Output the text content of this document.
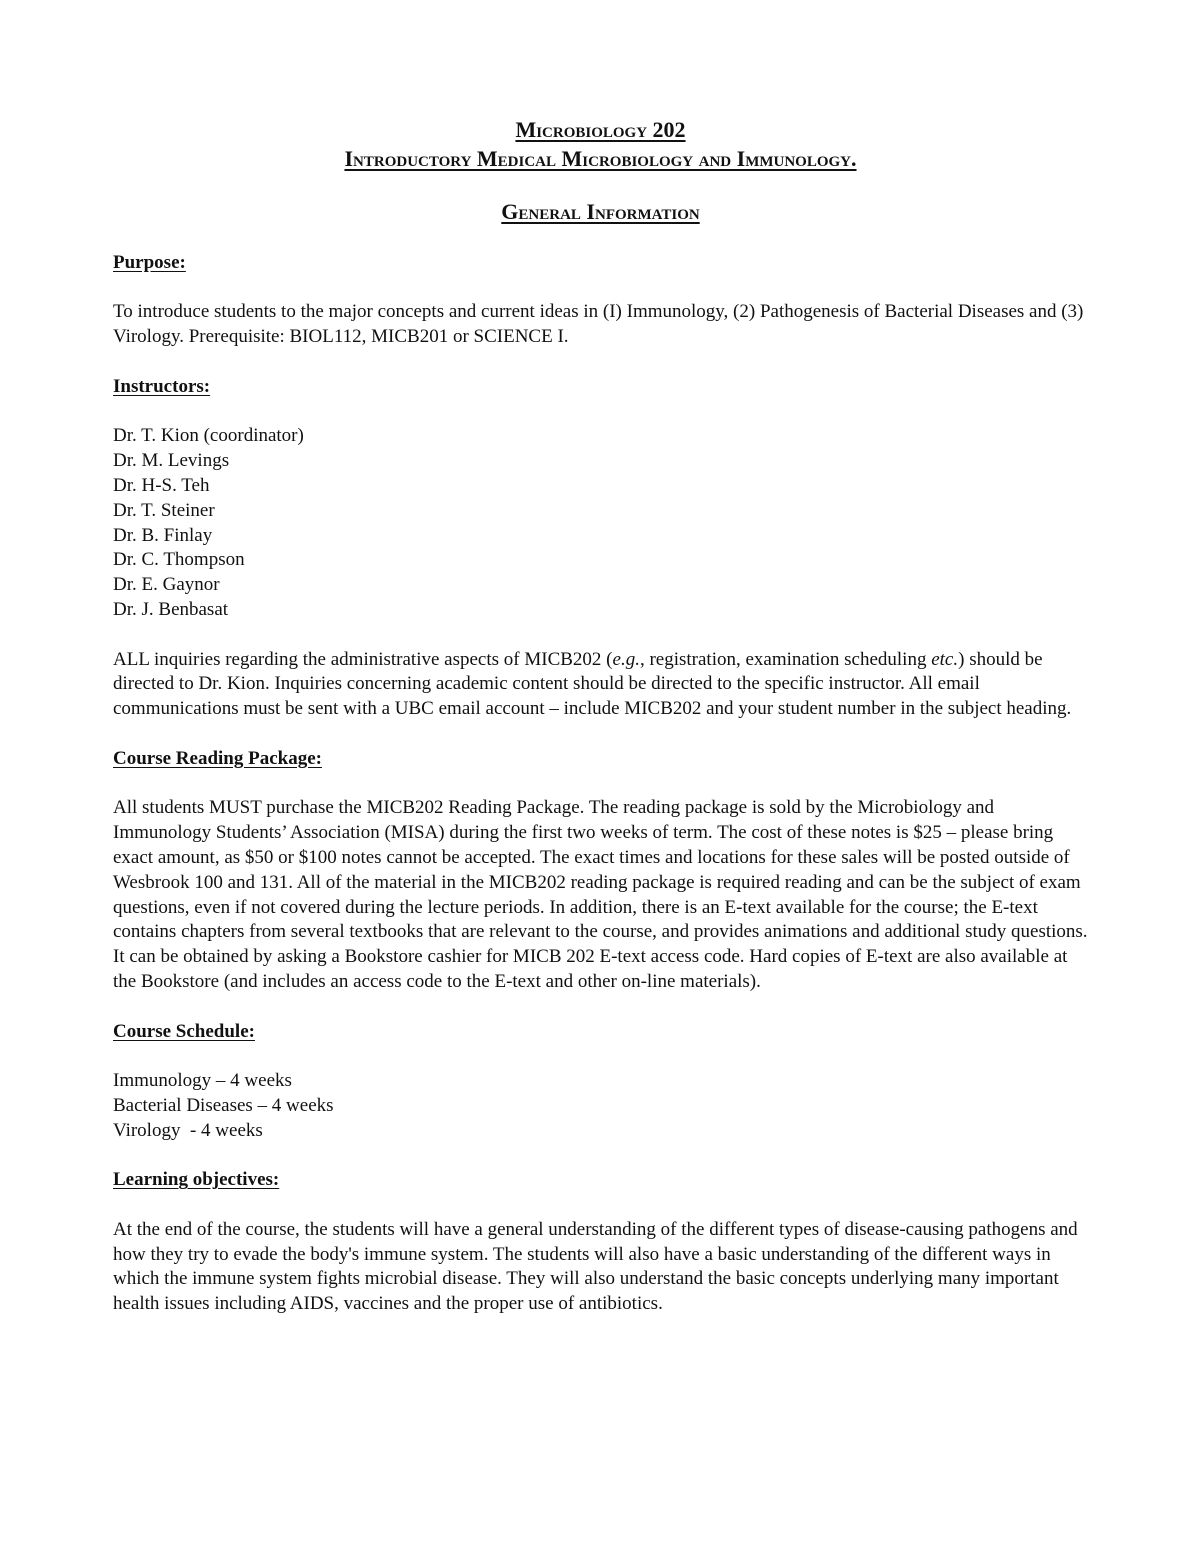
Microbiology 202
Introductory Medical Microbiology and Immunology.
General Information
Purpose:

To introduce students to the major concepts and current ideas in (I) Immunology, (2) Pathogenesis of Bacterial Diseases and (3) Virology. Prerequisite: BIOL112, MICB201 or SCIENCE I.

Instructors:
Dr. T. Kion (coordinator)
Dr. M. Levings
Dr. H-S. Teh
Dr. T. Steiner
Dr. B. Finlay
Dr. C. Thompson
Dr. E. Gaynor
Dr. J. Benbasat

ALL inquiries regarding the administrative aspects of MICB202 (e.g., registration, examination scheduling etc.) should be directed to Dr. Kion. Inquiries concerning academic content should be directed to the specific instructor. All email communications must be sent with a UBC email account – include MICB202 and your student number in the subject heading.

Course Reading Package:

All students MUST purchase the MICB202 Reading Package. The reading package is sold by the Microbiology and Immunology Students’ Association (MISA) during the first two weeks of term. The cost of these notes is $25 – please bring exact amount, as $50 or $100 notes cannot be accepted. The exact times and locations for these sales will be posted outside of Wesbrook 100 and 131. All of the material in the MICB202 reading package is required reading and can be the subject of exam questions, even if not covered during the lecture periods. In addition, there is an E-text available for the course; the E-text contains chapters from several textbooks that are relevant to the course, and provides animations and additional study questions. It can be obtained by asking a Bookstore cashier for MICB 202 E-text access code. Hard copies of E-text are also available at the Bookstore (and includes an access code to the E-text and other on-line materials).

Course Schedule:
Immunology – 4 weeks
Bacterial Diseases – 4 weeks
Virology  - 4 weeks
Learning objectives:

At the end of the course, the students will have a general understanding of the different types of disease-causing pathogens and how they try to evade the body's immune system. The students will also have a basic understanding of the different ways in which the immune system fights microbial disease. They will also understand the basic concepts underlying many important health issues including AIDS, vaccines and the proper use of antibiotics.
